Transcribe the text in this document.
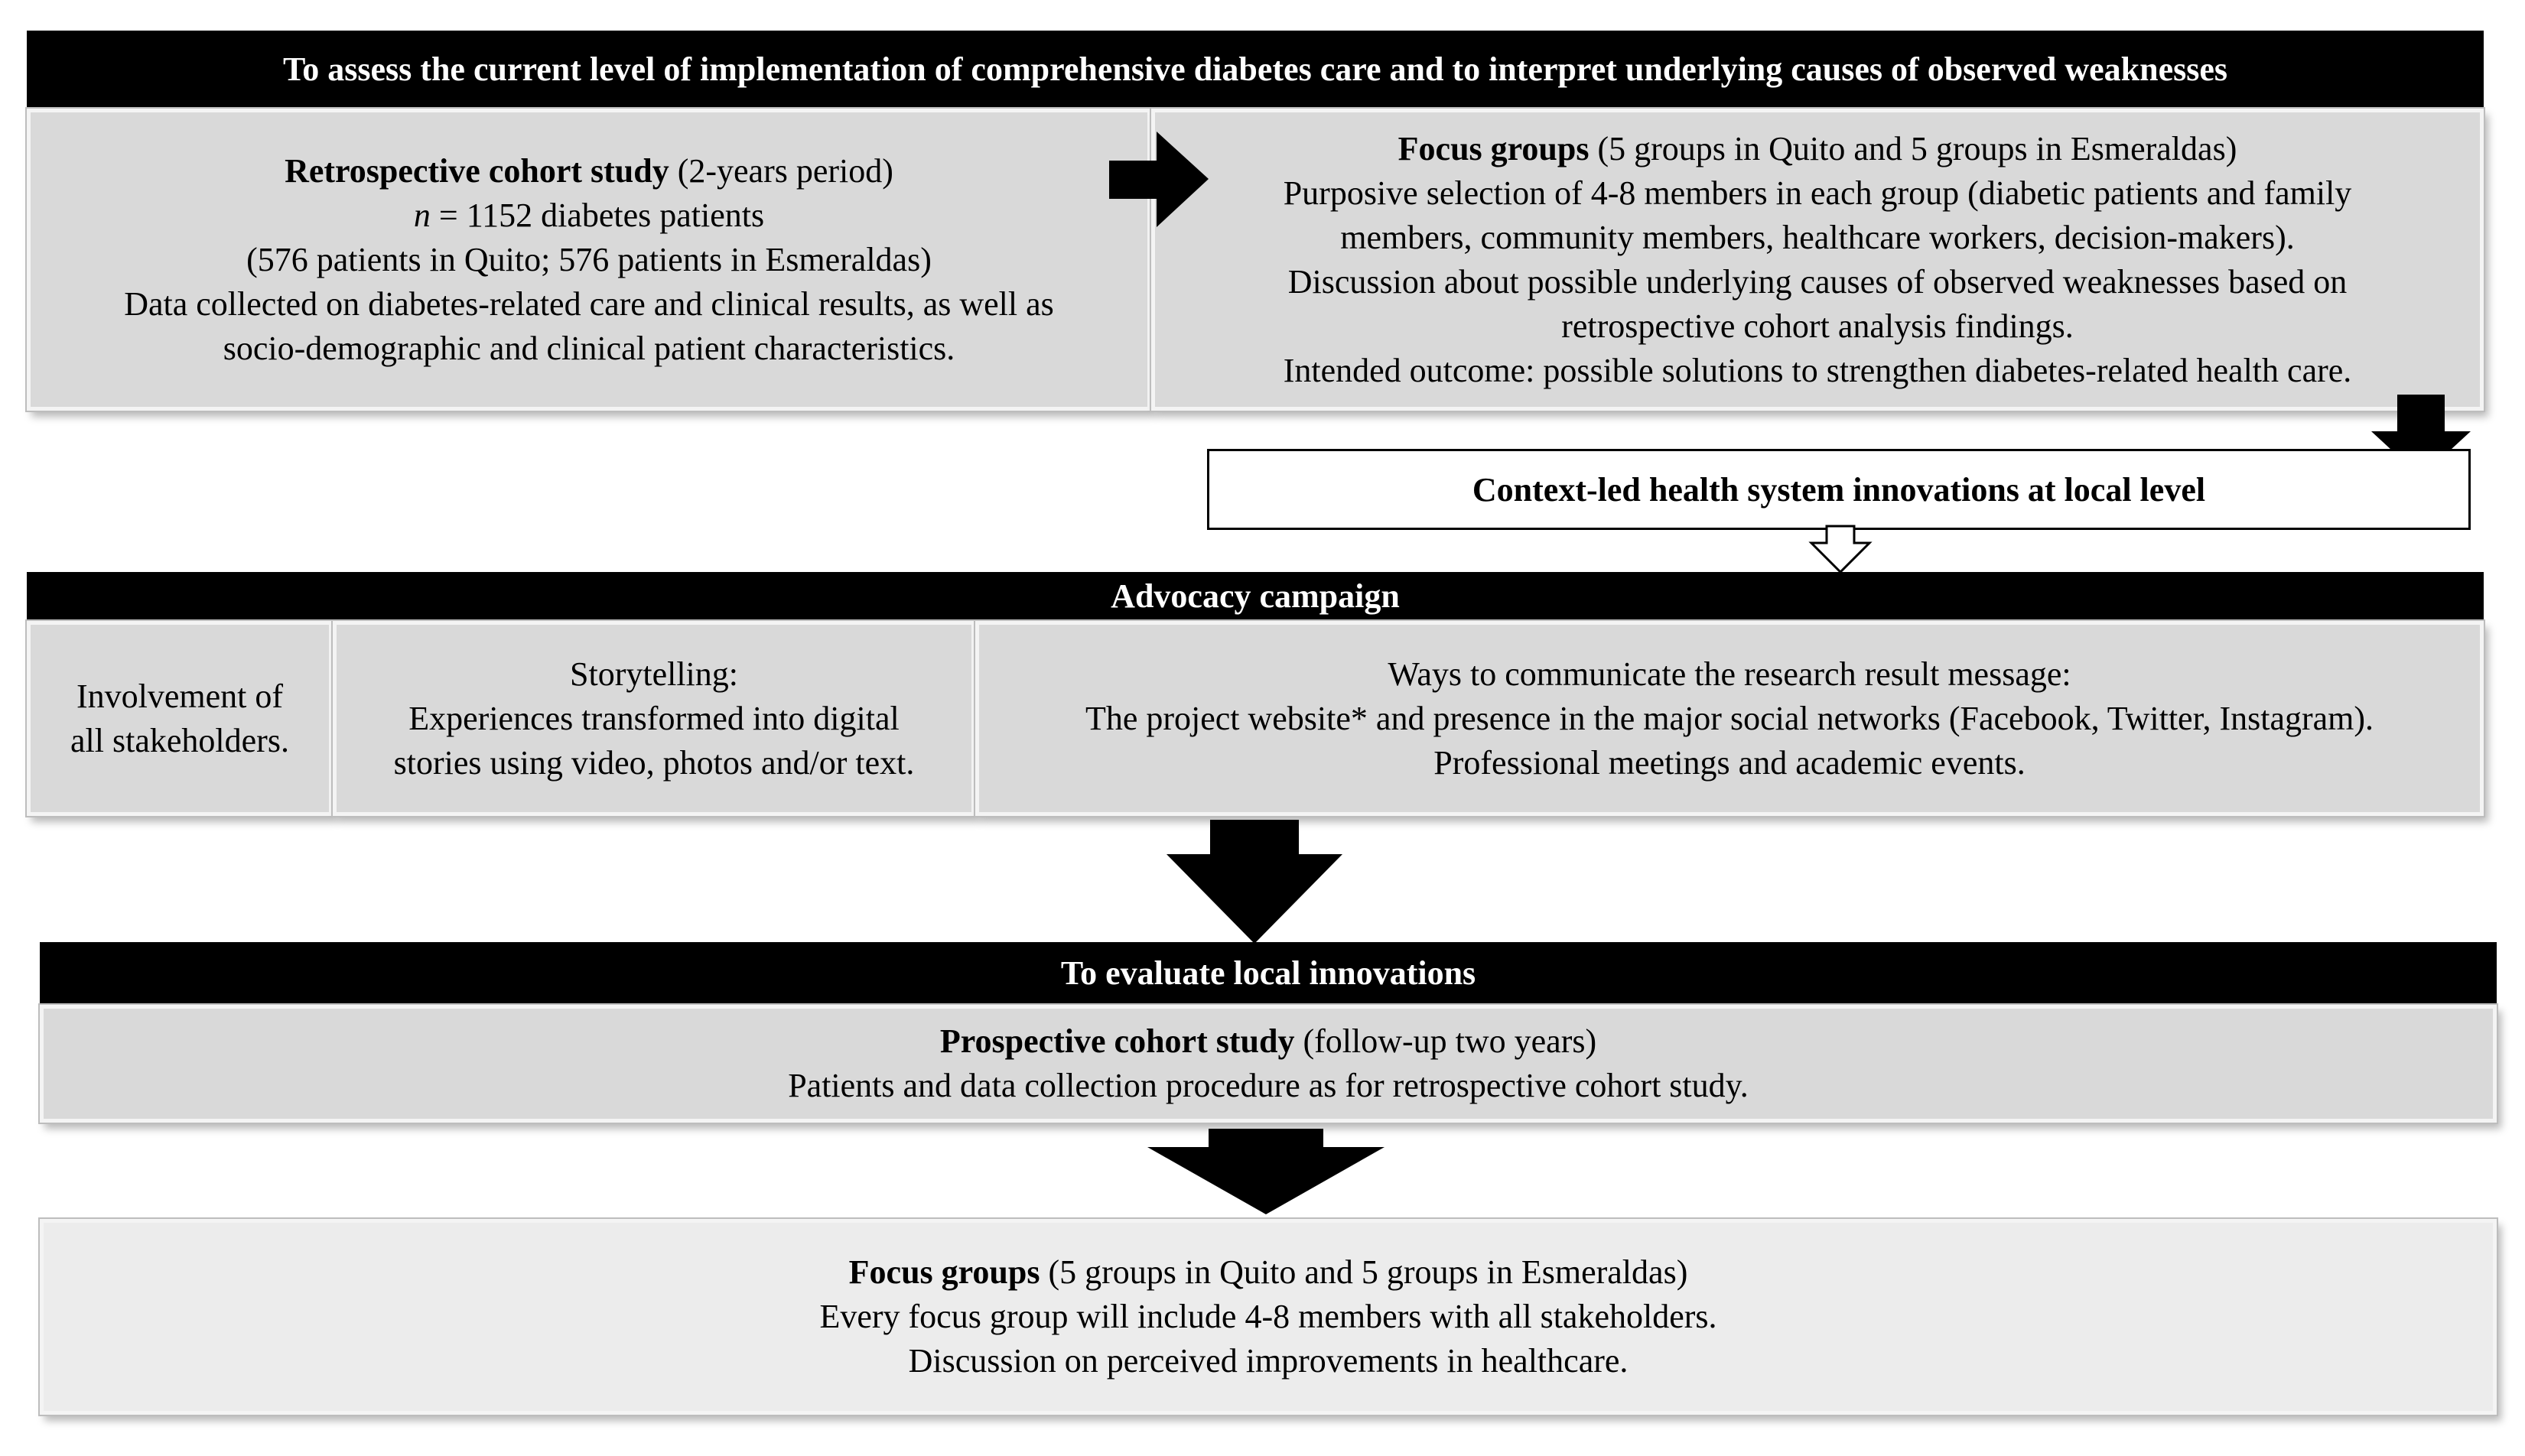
To assess the current level of implementation of comprehensive diabetes care and to interpret underlying causes of observed weaknesses
Retrospective cohort study (2-years period)
n = 1152 diabetes patients
(576 patients in Quito; 576 patients in Esmeraldas)
Data collected on diabetes-related care and clinical results, as well as
socio-demographic and clinical patient characteristics.
Focus groups (5 groups in Quito and 5 groups in Esmeraldas)
Purposive selection of 4-8 members in each group (diabetic patients and family
members, community members, healthcare workers, decision-makers).
Discussion about possible underlying causes of observed weaknesses based on
retrospective cohort analysis findings.
Intended outcome: possible solutions to strengthen diabetes-related health care.
Context-led health system innovations at local level
Advocacy campaign
Involvement of
all stakeholders.
Storytelling:
Experiences transformed into digital
stories using video, photos and/or text.
Ways to communicate the research result message:
The project website* and presence in the major social networks (Facebook, Twitter, Instagram).
Professional meetings and academic events.
To evaluate local innovations
Prospective cohort study (follow-up two years)
Patients and data collection procedure as for retrospective cohort study.
Focus groups (5 groups in Quito and 5 groups in Esmeraldas)
Every focus group will include 4-8 members with all stakeholders.
Discussion on perceived improvements in healthcare.
